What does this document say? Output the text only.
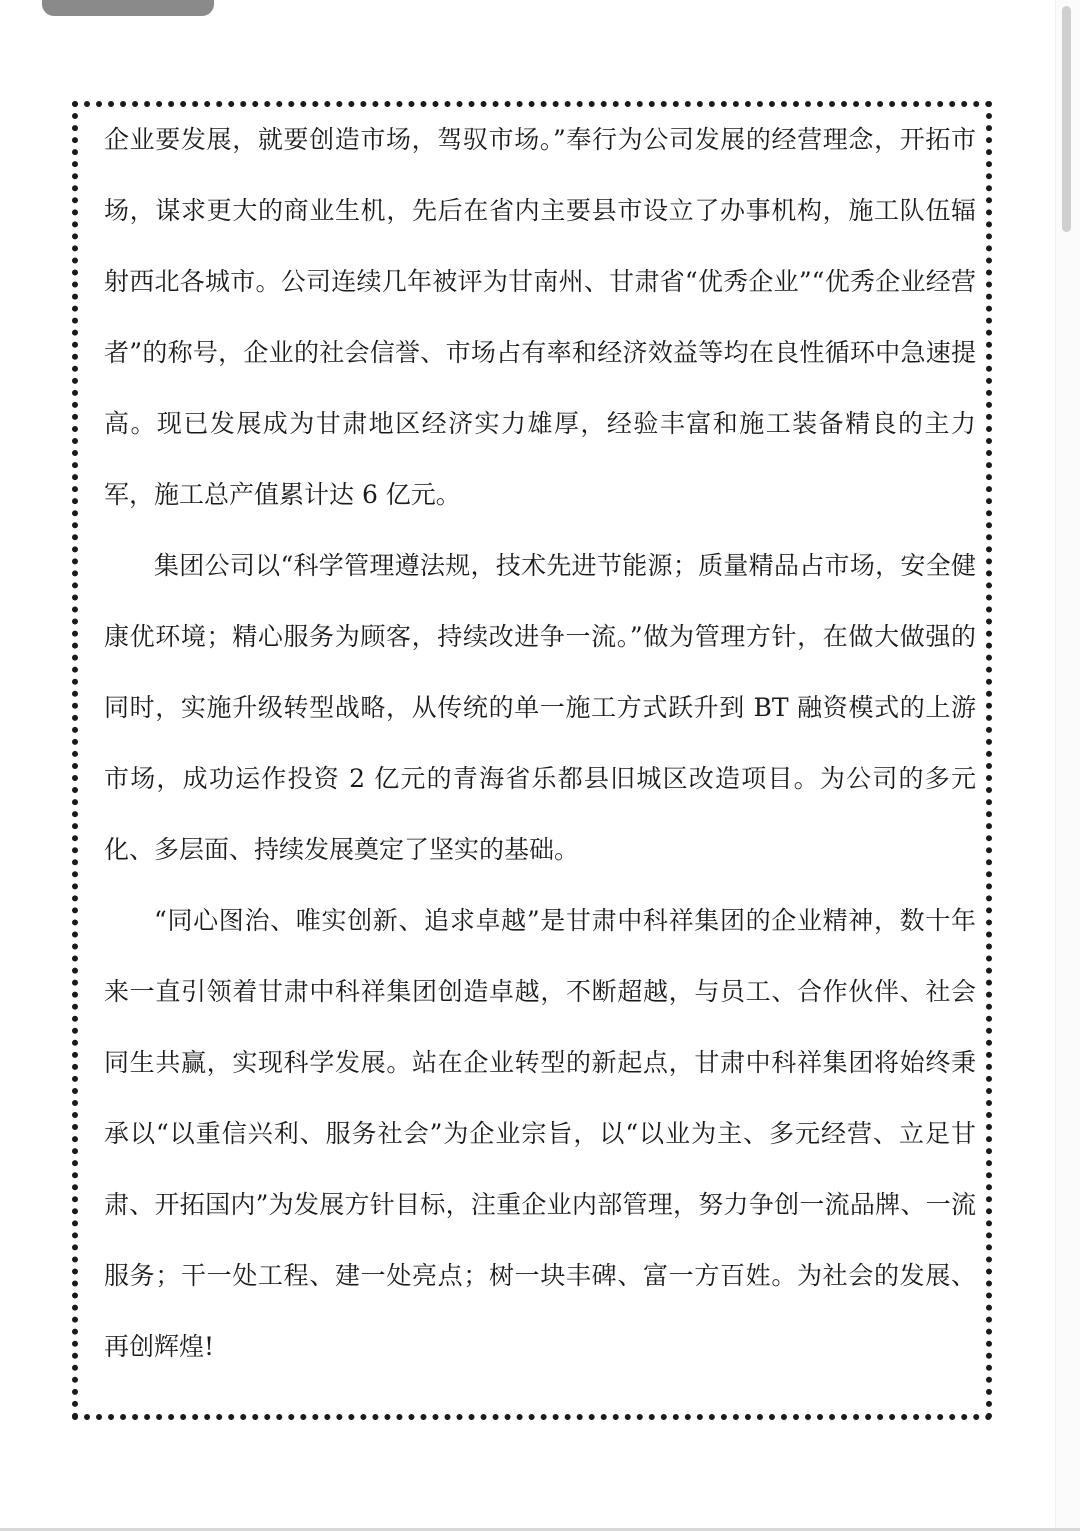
企业要发展，就要创造市场，驾驭市场。”奉行为公司发展的经营理念，开拓市场，谋求更大的商业生机，先后在省内主要县市设立了办事机构，施工队伍辐射西北各城市。公司连续几年被评为甘南州、甘肃省“优秀企业”“优秀企业经营者”的称号，企业的社会信誉、市场占有率和经济效益等均在良性循环中急速提高。现已发展成为甘肃地区经济实力雄厚，经验丰富和施工装备精良的主力军，施工总产值累计达 6 亿元。

集团公司以“科学管理遵法规，技术先进节能源；质量精品占市场，安全健康优环境；精心服务为顾客，持续改进争一流。”做为管理方针，在做大做强的同时，实施升级转型战略，从传统的单一施工方式跃升到 BT 融资模式的上游市场，成功运作投资 2 亿元的青海省乐都县旧城区改造项目。为公司的多元化、多层面、持续发展奠定了坚实的基础。

“同心图治、唯实创新、追求卓越”是甘肃中科祥集团的企业精神，数十年来一直引领着甘肃中科祥集团创造卓越，不断超越，与员工、合作伙伴、社会同生共赢，实现科学发展。站在企业转型的新起点，甘肃中科祥集团将始终秉承以“以重信兴利、服务社会”为企业宗旨，以“以业为主、多元经营、立足甘肃、开拓国内”为发展方针目标，注重企业内部管理，努力争创一流品牌、一流服务；干一处工程、建一处亮点；树一块丰碑、富一方百姓。为社会的发展、再创辉煌!
